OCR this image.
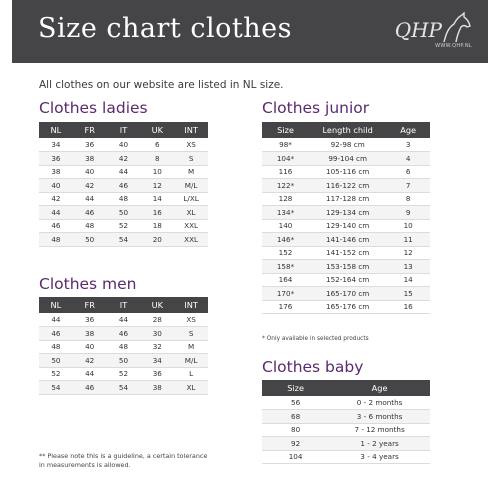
Size chart clothes	QHP
WWW.QHP.NL
All clothes on our website are listed in NL size.
Clothes ladies
NL	FR	IT	UK	INT
34	36	40	6	XS
36	38	42	8	S
38	40	44	10	M
40	42	46	12	M/L
42	44	48	14	L/XL
44	46	50	16	XL
46	48	52	18	XXL
48	50	54	20	XXL
Clothes men
NL	FR	IT	UK	INT
44	36	44	28	XS
46	38	46	30	S
48	40	48	32	M
50	42	50	34	M/L
52	44	52	36	L
54	46	54	38	XL
Clothes junior
Size	Length child	Age
98*	92-98 cm	3
104*	99-104 cm	4
116	105-116 cm	6
122*	116-122 cm	7
128	117-128 cm	8
134*	129-134 cm	9
140	129-140 cm	10
146*	141-146 cm	11
152	141-152 cm	12
158*	153-158 cm	13
164	152-164 cm	14
170*	165-170 cm	15
176	165-176 cm	16
* Only available in selected products
Clothes baby
Size	Age
56	0 - 2 months
68	3 - 6 months
80	7 - 12 months
92	1 - 2 years
104	3 - 4 years
** Please note this is a guideline, a certain tolerance in measurements is allowed.
